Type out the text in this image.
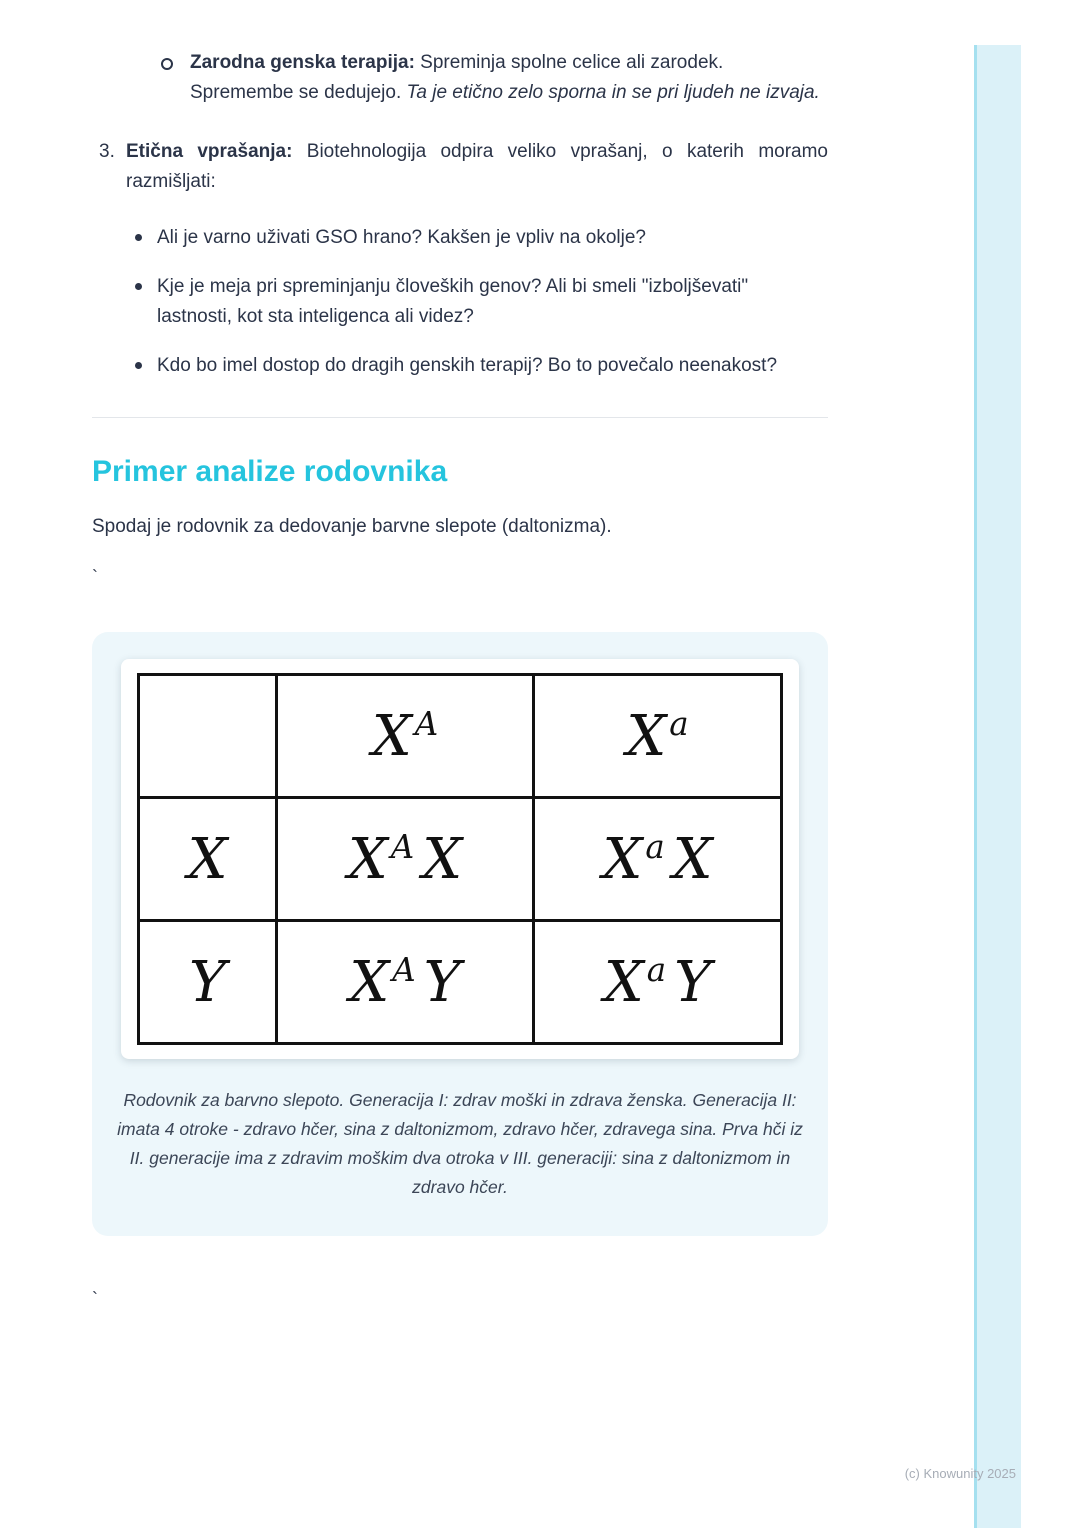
Zarodna genska terapija: Spreminja spolne celice ali zarodek. Spremembe se dedujejo. Ta je etično zelo sporna in se pri ljudeh ne izvaja.
3. Etična vprašanja: Biotehnologija odpira veliko vprašanj, o katerih moramo razmišljati:
Ali je varno uživati GSO hrano? Kakšen je vpliv na okolje?
Kje je meja pri spreminjanju človeških genov? Ali bi smeli "izboljševati" lastnosti, kot sta inteligenca ali videz?
Kdo bo imel dostop do dragih genskih terapij? Bo to povečalo neenakost?
Primer analize rodovnika

Spodaj je rodovnik za dedovanje barvne slepote (daltonizma).

`
	$X^A$	$X^a$
X	$X^A$ X	$X^a$ X
Y	$X^A$ Y	$X^a$ Y

Rodovnik za barvno slepoto. Generacija I: zdrav moški in zdrava ženska. Generacija II: imata 4 otroke - zdravo hčer, sina z daltonizmom, zdravo hčer, zdravega sina. Prva hči iz II. generacije ima z zdravim moškim dva otroka v III. generaciji: sina z daltonizmom in zdravo hčer.

`
(c) Knowunity 2025
